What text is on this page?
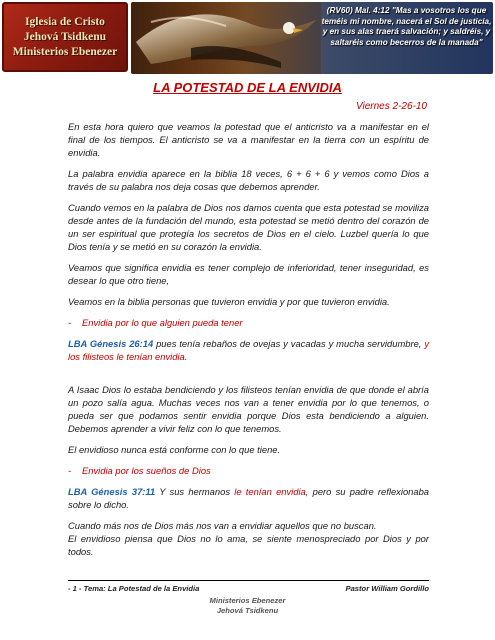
Iglesia de Cristo
Jehová Tsidkenu
Ministerios Ebenezer
(RV60) Mal. 4:12 "Mas a vosotros los que teméis mi nombre, nacerá el Sol de justicia, y en sus alas traerá salvación; y saldréis, y saltaréis como becerros de la manada"
LA POTESTAD DE LA ENVIDIA
Viernes 2-26-10

En esta hora quiero que veamos la potestad que el anticristo va a manifestar en el final de los tiempos. El anticristo se va a manifestar en la tierra con un espíritu de envidia.

La palabra envidia aparece en la biblia 18 veces, 6 + 6 + 6 y vemos como Dios a través de su palabra nos deja cosas que debemos aprender.

Cuando vemos en la palabra de Dios nos damos cuenta que esta potestad se moviliza desde antes de la fundación del mundo, esta potestad se metió dentro del corazón de un ser espiritual que protegía los secretos de Dios en el cielo. Luzbel quería lo que Dios tenía y se metió en su corazón la envidia.

Veamos que significa envidia es tener complejo de inferioridad, tener inseguridad, es desear lo que otro tiene,

Veamos en la biblia personas que tuvieron envidia y por que tuvieron envidia.

- Envidia por lo que alguien pueda tener

LBA Génesis 26:14 pues tenía rebaños de ovejas y vacadas y mucha servidumbre, y los filisteos le tenían envidia.

A Isaac Dios lo estaba bendiciendo y los filisteos tenían envidia de que donde el abría un pozo salía agua. Muchas veces nos van a tener envidia por lo que tenemos, o pueda ser que podamos sentir envidia porque Dios esta bendiciendo a alguien. Debemos aprender a vivir feliz con lo que tenemos.

El envidioso nunca está conforme con lo que tiene.

- Envidia por los sueños de Dios

LBA Génesis 37:11 Y sus hermanos le tenían envidia, pero su padre reflexionaba sobre lo dicho.

Cuando más nos de Dios más nos van a envidiar aquellos que no buscan.

El envidioso piensa que Dios no lo ama, se siente menospreciado por Dios y por todos.

- 1 - Tema: La Potestad de la Envidia	Pastor William Gordillo
Ministerios Ebenezer
Jehová Tsidkenu
